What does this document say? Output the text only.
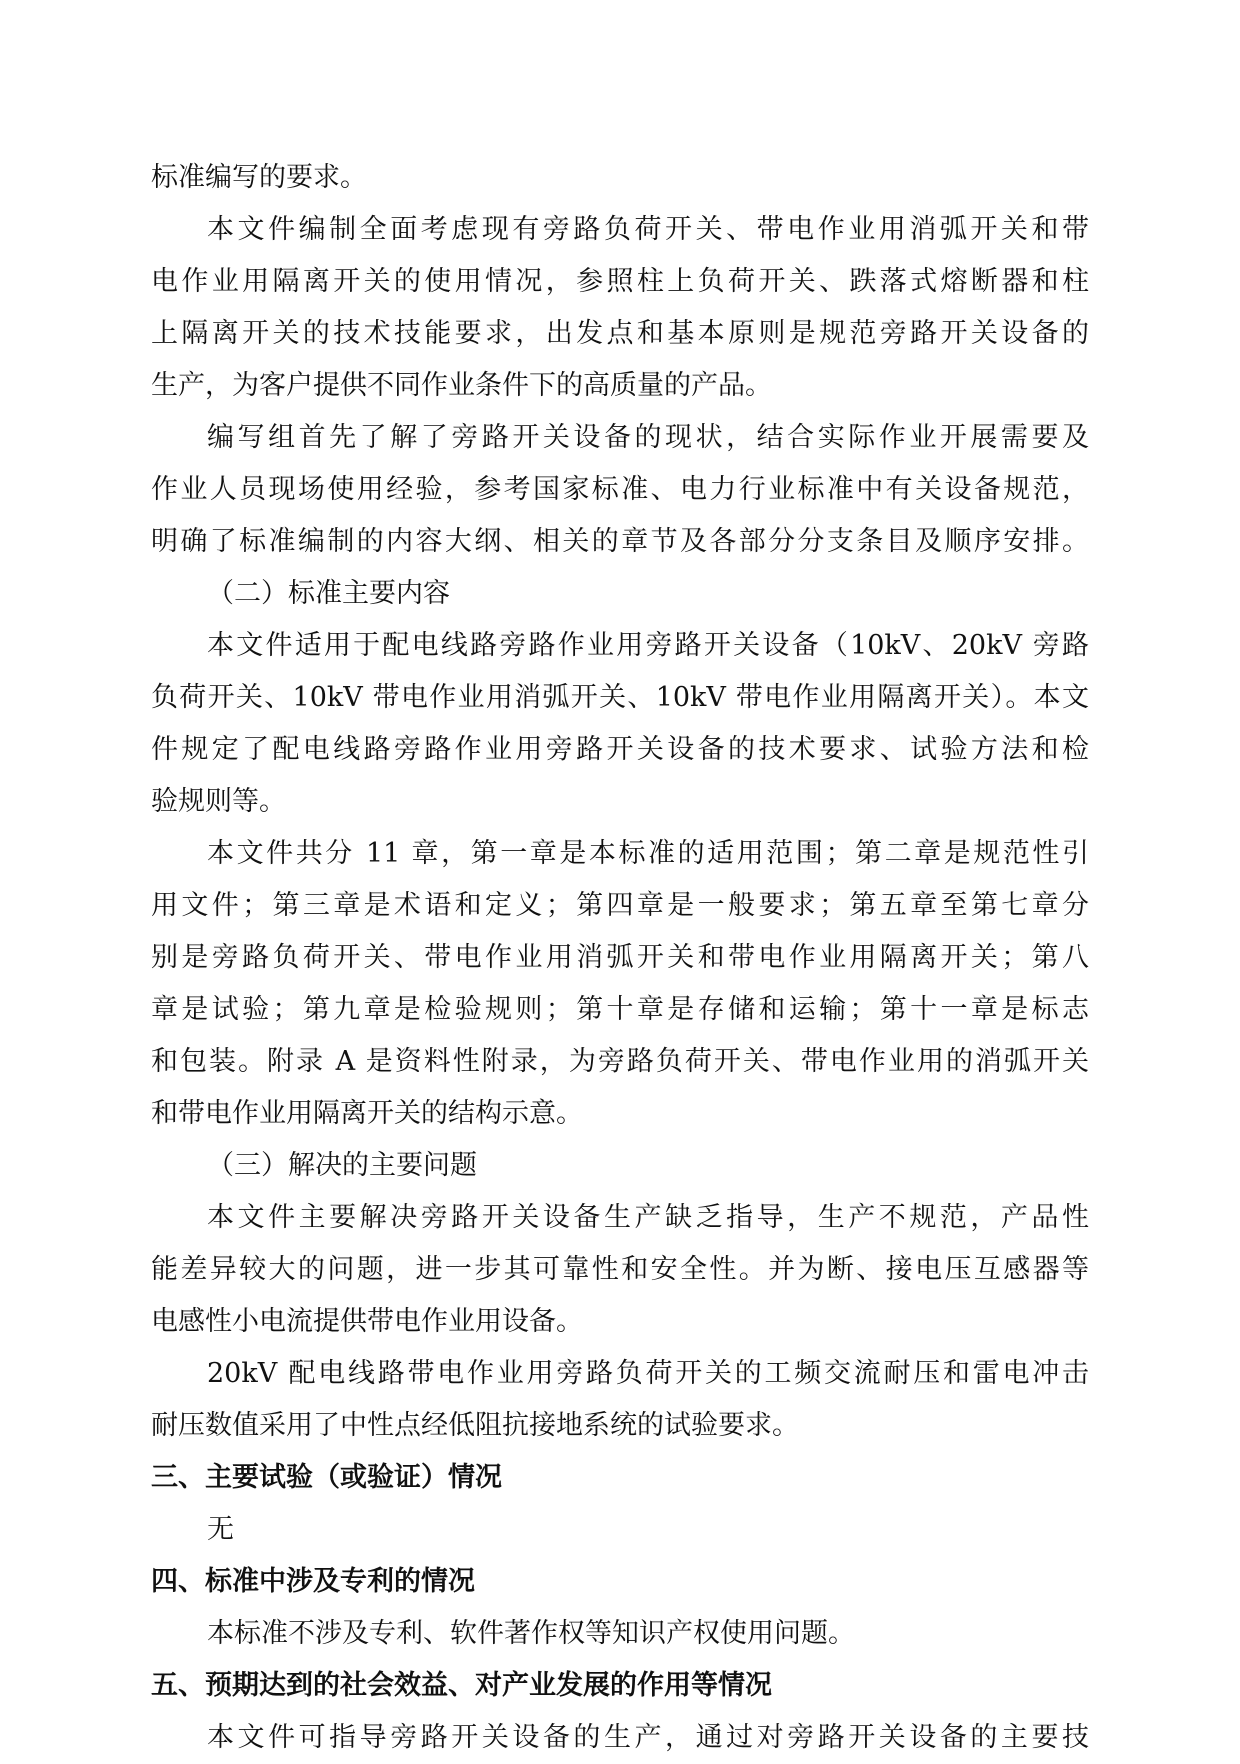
标准编写的要求。
本文件编制全面考虑现有旁路负荷开关、带电作业用消弧开关和带
电作业用隔离开关的使用情况，参照柱上负荷开关、跌落式熔断器和柱
上隔离开关的技术技能要求，出发点和基本原则是规范旁路开关设备的
生产，为客户提供不同作业条件下的高质量的产品。
编写组首先了解了旁路开关设备的现状，结合实际作业开展需要及
作业人员现场使用经验，参考国家标准、电力行业标准中有关设备规范，
明确了标准编制的内容大纲、相关的章节及各部分分支条目及顺序安排。
（二）标准主要内容
本文件适用于配电线路旁路作业用旁路开关设备（10kV、20kV 旁路
负荷开关、10kV 带电作业用消弧开关、10kV 带电作业用隔离开关）。本文
件规定了配电线路旁路作业用旁路开关设备的技术要求、试验方法和检
验规则等。
本文件共分 11 章，第一章是本标准的适用范围；第二章是规范性引
用文件；第三章是术语和定义；第四章是一般要求；第五章至第七章分
别是旁路负荷开关、带电作业用消弧开关和带电作业用隔离开关；第八
章是试验；第九章是检验规则；第十章是存储和运输；第十一章是标志
和包装。附录 A 是资料性附录，为旁路负荷开关、带电作业用的消弧开关
和带电作业用隔离开关的结构示意。
（三）解决的主要问题
本文件主要解决旁路开关设备生产缺乏指导，生产不规范，产品性
能差异较大的问题，进一步其可靠性和安全性。并为断、接电压互感器等
电感性小电流提供带电作业用设备。
20kV 配电线路带电作业用旁路负荷开关的工频交流耐压和雷电冲击
耐压数值采用了中性点经低阻抗接地系统的试验要求。
三、主要试验（或验证）情况
无
四、标准中涉及专利的情况
本标准不涉及专利、软件著作权等知识产权使用问题。
五、预期达到的社会效益、对产业发展的作用等情况
本文件可指导旁路开关设备的生产，通过对旁路开关设备的主要技
